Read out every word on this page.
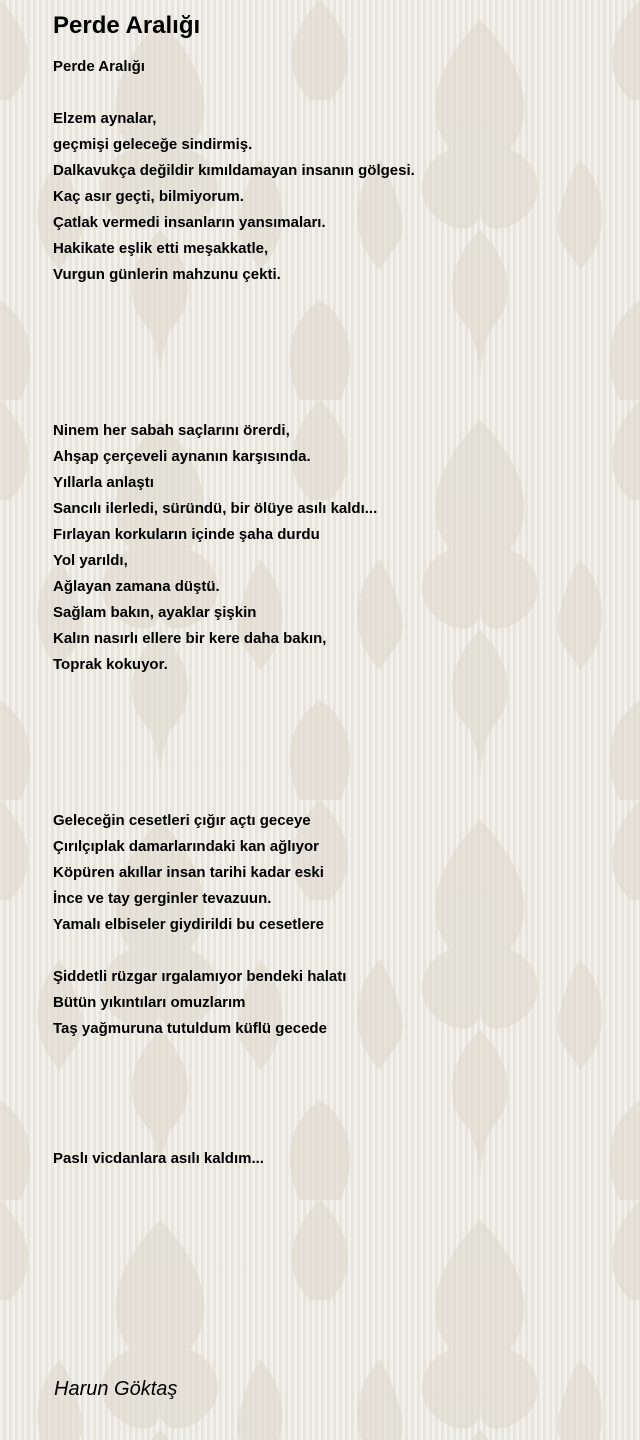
Perde Aralığı
Perde Aralığı
Elzem aynalar,
geçmişi geleceğe sindirmiş.
Dalkavukça değildir kımıldamayan insanın gölgesi.
Kaç asır geçti, bilmiyorum.
Çatlak vermedi insanların yansımaları.
Hakikate eşlik etti meşakkatle,
Vurgun günlerin mahzunu çekti.
Ninem her sabah saçlarını örerdi,
Ahşap çerçeveli aynanın karşısında.
Yıllarla anlaştı
Sancılı ilerledi, süründü, bir ölüye asılı kaldı...
Fırlayan korkuların içinde şaha durdu
Yol yarıldı,
Ağlayan zamana düştü.
Sağlam bakın, ayaklar şişkin
Kalın nasırlı ellere bir kere daha bakın,
Toprak kokuyor.
Geleceğin cesetleri çığır açtı geceye
Çırılçıplak damarlarındaki kan ağlıyor
Köpüren akıllar insan tarihi kadar eski
İnce ve tay gerginler tevazuun.
Yamalı elbiseler giydirildi bu cesetlere
Şiddetli rüzgar ırgalamıyor bendeki halatı
Bütün yıkıntıları omuzlarım
Taş yağmuruna tutuldum küflü gecede
Paslı vicdanlara asılı kaldım...
Harun Göktaş
